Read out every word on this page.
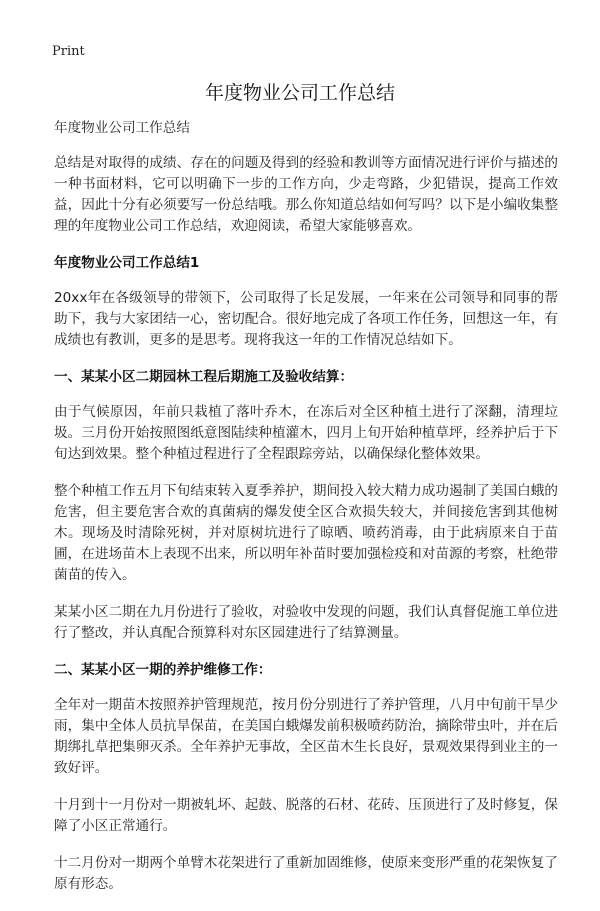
Print
年度物业公司工作总结

年度物业公司工作总结

总结是对取得的成绩、存在的问题及得到的经验和教训等方面情况进行评价与描述的一种书面材料，它可以明确下一步的工作方向，少走弯路，少犯错误，提高工作效益，因此十分有必须要写一份总结哦。那么你知道总结如何写吗？以下是小编收集整理的年度物业公司工作总结，欢迎阅读，希望大家能够喜欢。

年度物业公司工作总结1

20xx年在各级领导的带领下，公司取得了长足发展，一年来在公司领导和同事的帮助下，我与大家团结一心，密切配合。很好地完成了各项工作任务，回想这一年，有成绩也有教训，更多的是思考。现将我这一年的工作情况总结如下。

一、某某小区二期园林工程后期施工及验收结算：

由于气候原因，年前只栽植了落叶乔木，在冻后对全区种植土进行了深翻，清理垃圾。三月份开始按照图纸意图陆续种植灌木，四月上旬开始种植草坪，经养护后于下旬达到效果。整个种植过程进行了全程跟踪旁站，以确保绿化整体效果。

整个种植工作五月下旬结束转入夏季养护，期间投入较大精力成功遏制了美国白蛾的危害，但主要危害合欢的真菌病的爆发使全区合欢损失较大，并间接危害到其他树木。现场及时清除死树，并对原树坑进行了晾晒、喷药消毒，由于此病原来自于苗圃，在进场苗木上表现不出来，所以明年补苗时要加强检疫和对苗源的考察，杜绝带菌苗的传入。

某某小区二期在九月份进行了验收，对验收中发现的问题，我们认真督促施工单位进行了整改，并认真配合预算科对东区园建进行了结算测量。

二、某某小区一期的养护维修工作：

全年对一期苗木按照养护管理规范，按月份分别进行了养护管理，八月中旬前干旱少雨，集中全体人员抗旱保苗，在美国白蛾爆发前积极喷药防治，摘除带虫叶，并在后期绑扎草把集卵灭杀。全年养护无事故，全区苗木生长良好，景观效果得到业主的一致好评。

十月到十一月份对一期被轧坏、起鼓、脱落的石材、花砖、压顶进行了及时修复，保障了小区正常通行。

十二月份对一期两个单臂木花架进行了重新加固维修，使原来变形严重的花架恢复了原有形态。
